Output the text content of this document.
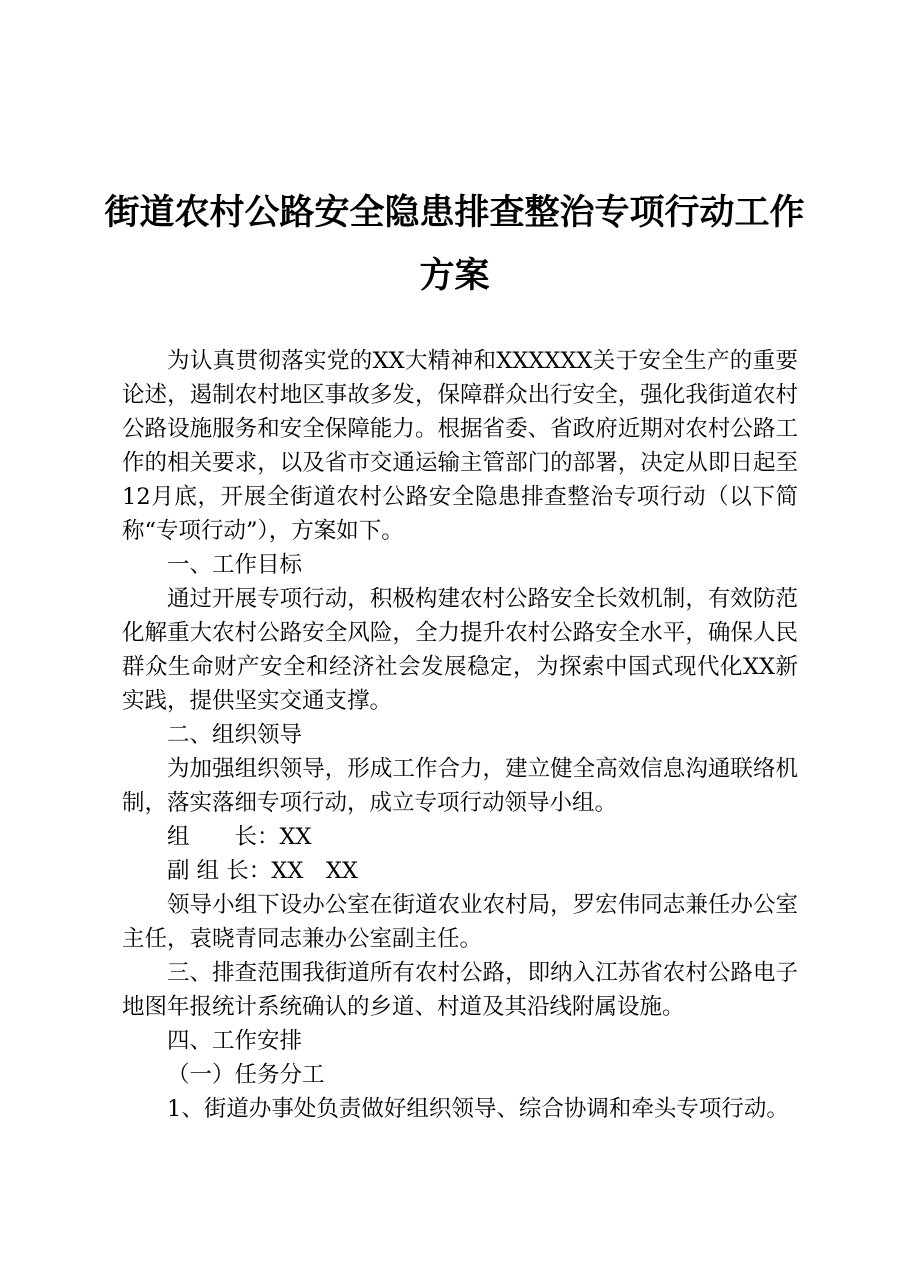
街道农村公路安全隐患排查整治专项行动工作
方案

为认真贯彻落实党的XX大精神和XXXXXX关于安全生产的重要论述，遏制农村地区事故多发，保障群众出行安全，强化我街道农村公路设施服务和安全保障能力。根据省委、省政府近期对农村公路工作的相关要求，以及省市交通运输主管部门的部署，决定从即日起至12月底，开展全街道农村公路安全隐患排查整治专项行动（以下简称“专项行动”），方案如下。

一、工作目标

通过开展专项行动，积极构建农村公路安全长效机制，有效防范化解重大农村公路安全风险，全力提升农村公路安全水平，确保人民群众生命财产安全和经济社会发展稳定，为探索中国式现代化XX新实践，提供坚实交通支撑。

二、组织领导

为加强组织领导，形成工作合力，建立健全高效信息沟通联络机制，落实落细专项行动，成立专项行动领导小组。

组　　长：XX

副 组 长：XX　XX

领导小组下设办公室在街道农业农村局，罗宏伟同志兼任办公室主任，袁晓青同志兼办公室副主任。

三、排查范围我街道所有农村公路，即纳入江苏省农村公路电子地图年报统计系统确认的乡道、村道及其沿线附属设施。

四、工作安排

（一）任务分工

1、街道办事处负责做好组织领导、综合协调和牵头专项行动。
